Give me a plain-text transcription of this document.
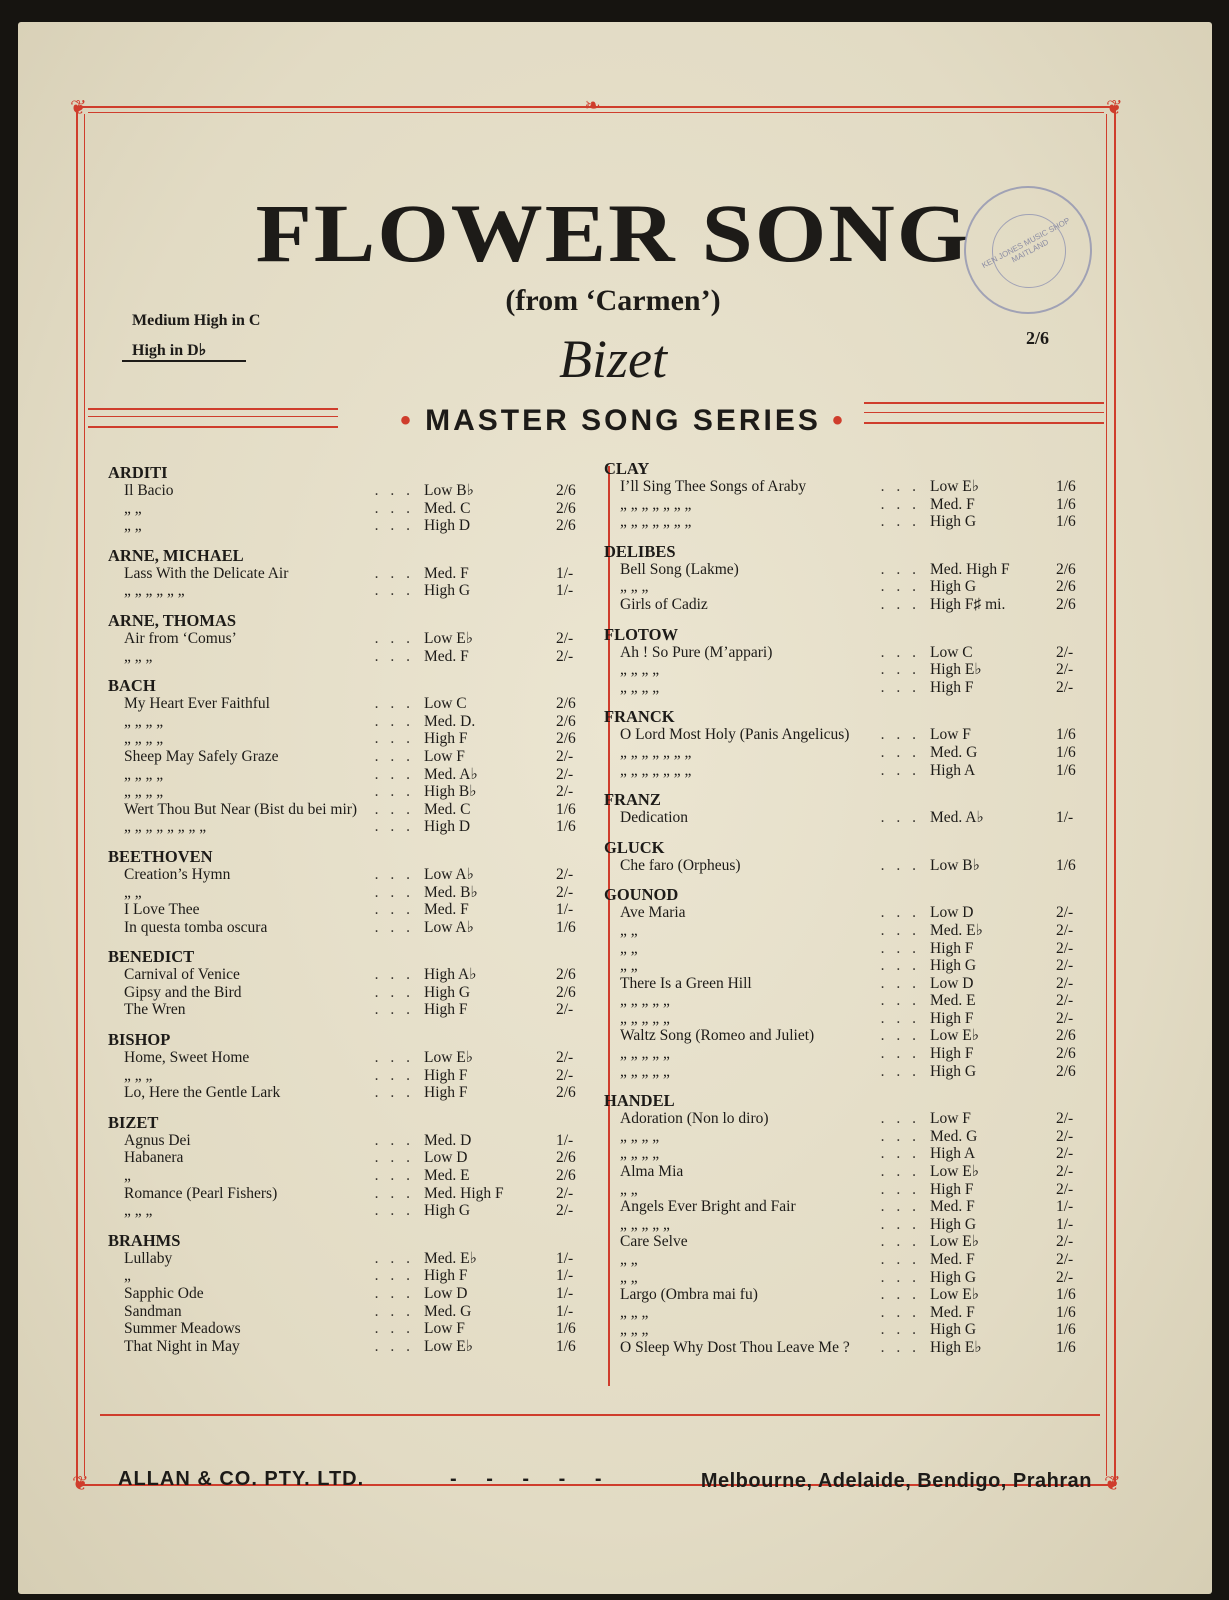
❦	❧	❦
❦	❦
FLOWER SONG
(from ‘Carmen’)
Bizet
Medium High in C
High in D♭
2/6
KEN JONES MUSIC SHOP MAITLAND
• MASTER SONG SERIES •
ARDITI
. . .
Il Bacio	Low B♭	2/6
. . .
„ „	Med. C	2/6
. . .
„ „	High D	2/6
ARNE, MICHAEL
. . .
Lass With the Delicate Air	Med. F	1/-
. . .
„ „ „ „ „ „	High G	1/-
ARNE, THOMAS
. . .
Air from ‘Comus’	Low E♭	2/-
. . .
„ „ „	Med. F	2/-
BACH
. . .
My Heart Ever Faithful	Low C	2/6
. . .
„ „ „ „	Med. D.	2/6
. . .
„ „ „ „	High F	2/6
. . .
Sheep May Safely Graze	Low F	2/-
. . .
„ „ „ „	Med. A♭	2/-
. . .
„ „ „ „	High B♭	2/-
. . .
Wert Thou But Near (Bist du bei mir)	Med. C	1/6
. . .
„ „ „ „ „ „ „ „	High D	1/6
BEETHOVEN
. . .
Creation’s Hymn	Low A♭	2/-
. . .
„ „	Med. B♭	2/-
. . .
I Love Thee	Med. F	1/-
. . .
In questa tomba oscura	Low A♭	1/6
BENEDICT
. . .
Carnival of Venice	High A♭	2/6
. . .
Gipsy and the Bird	High G	2/6
. . .
The Wren	High F	2/-
BISHOP
. . .
Home, Sweet Home	Low E♭	2/-
. . .
„ „ „	High F	2/-
. . .
Lo, Here the Gentle Lark	High F	2/6
BIZET
. . .
Agnus Dei	Med. D	1/-
. . .
Habanera	Low D	2/6
. . .
„	Med. E	2/6
. . .
Romance (Pearl Fishers)	Med. High F	2/-
. . .
„ „ „	High G	2/-
BRAHMS
. . .
Lullaby	Med. E♭	1/-
. . .
„	High F	1/-
. . .
Sapphic Ode	Low D	1/-
. . .
Sandman	Med. G	1/-
. . .
Summer Meadows	Low F	1/6
. . .
That Night in May	Low E♭	1/6
CLAY
. . .
I’ll Sing Thee Songs of Araby	Low E♭	1/6
. . .
„ „ „ „ „ „ „	Med. F	1/6
. . .
„ „ „ „ „ „ „	High G	1/6
DELIBES
. . .
Bell Song (Lakme)	Med. High F	2/6
. . .
„ „ „	High G	2/6
. . .
Girls of Cadiz	High F♯ mi.	2/6
FLOTOW
. . .
Ah ! So Pure (M’appari)	Low C	2/-
. . .
„ „ „ „	High E♭	2/-
. . .
„ „ „ „	High F	2/-
FRANCK
. . .
O Lord Most Holy (Panis Angelicus)	Low F	1/6
. . .
„ „ „ „ „ „ „	Med. G	1/6
. . .
„ „ „ „ „ „ „	High A	1/6
FRANZ
. . .
Dedication	Med. A♭	1/-
GLUCK
. . .
Che faro (Orpheus)	Low B♭	1/6
GOUNOD
. . .
Ave Maria	Low D	2/-
. . .
„ „	Med. E♭	2/-
. . .
„ „	High F	2/-
. . .
„ „	High G	2/-
. . .
There Is a Green Hill	Low D	2/-
. . .
„ „ „ „ „	Med. E	2/-
. . .
„ „ „ „ „	High F	2/-
. . .
Waltz Song (Romeo and Juliet)	Low E♭	2/6
. . .
„ „ „ „ „	High F	2/6
. . .
„ „ „ „ „	High G	2/6
HANDEL
. . .
Adoration (Non lo diro)	Low F	2/-
. . .
„ „ „ „	Med. G	2/-
. . .
„ „ „ „	High A	2/-
. . .
Alma Mia	Low E♭	2/-
. . .
„ „	High F	2/-
. . .
Angels Ever Bright and Fair	Med. F	1/-
. . .
„ „ „ „ „	High G	1/-
. . .
Care Selve	Low E♭	2/-
. . .
„ „	Med. F	2/-
. . .
„ „	High G	2/-
. . .
Largo (Ombra mai fu)	Low E♭	1/6
. . .
„ „ „	Med. F	1/6
. . .
„ „ „	High G	1/6
. . .
O Sleep Why Dost Thou Leave Me ?	High E♭	1/6
ALLAN & CO. PTY. LTD.	- - - - -	Melbourne, Adelaide, Bendigo, Prahran
